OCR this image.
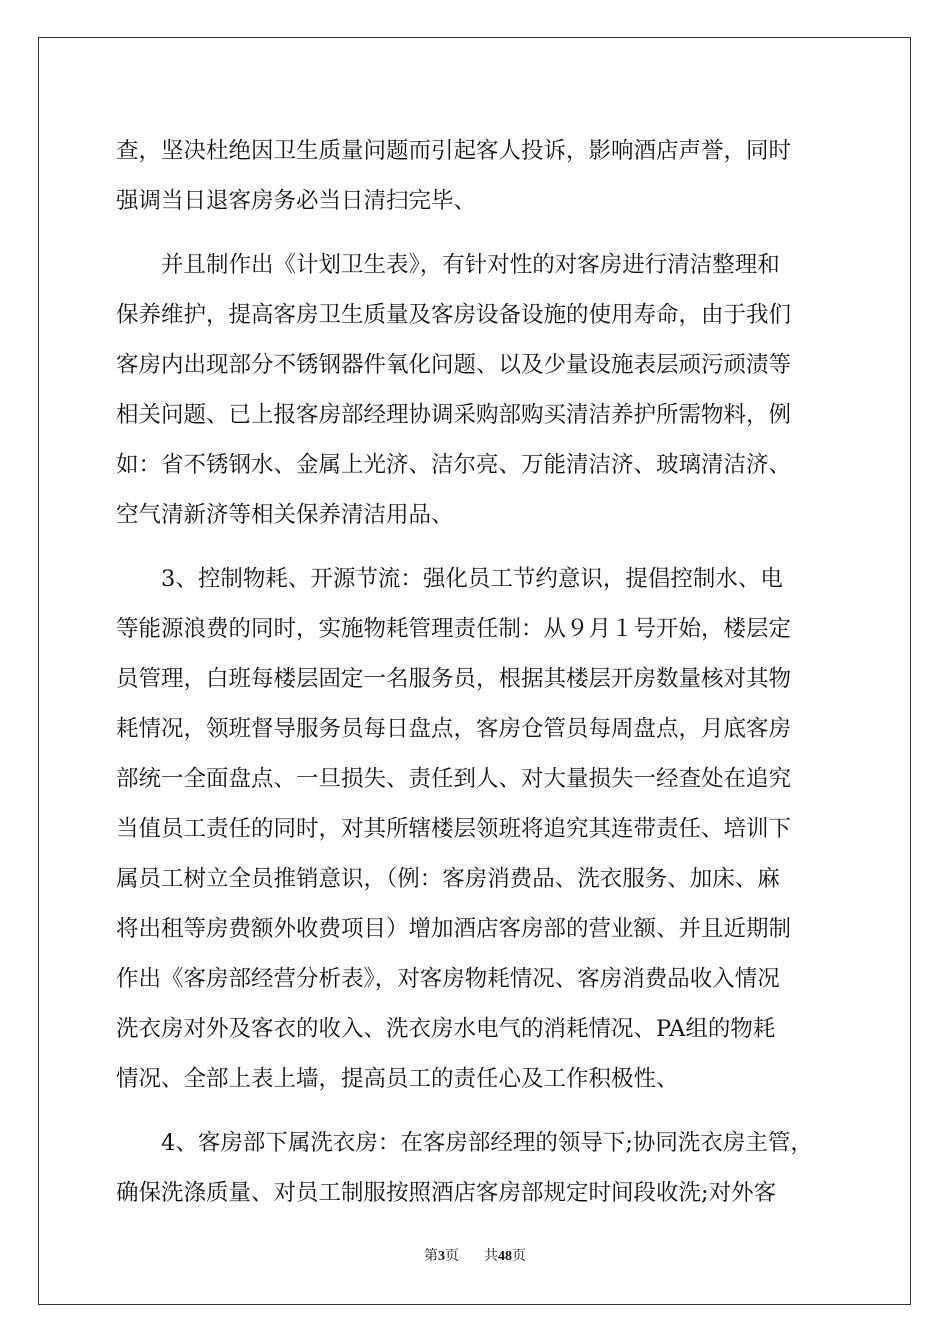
查，坚决杜绝因卫生质量问题而引起客人投诉，影响酒店声誉，同时
强调当日退客房务必当日清扫完毕、
并且制作出《计划卫生表》，有针对性的对客房进行清洁整理和
保养维护，提高客房卫生质量及客房设备设施的使用寿命，由于我们
客房内出现部分不锈钢器件氧化问题、以及少量设施表层顽污顽渍等
相关问题、已上报客房部经理协调采购部购买清洁养护所需物料，例
如：省不锈钢水、金属上光济、洁尔亮、万能清洁济、玻璃清洁济、
空气清新济等相关保养清洁用品、
3、控制物耗、开源节流：强化员工节约意识，提倡控制水、电
等能源浪费的同时，实施物耗管理责任制：从９月１号开始，楼层定
员管理，白班每楼层固定一名服务员，根据其楼层开房数量核对其物
耗情况，领班督导服务员每日盘点，客房仓管员每周盘点，月底客房
部统一全面盘点、一旦损失、责任到人、对大量损失一经查处在追究
当值员工责任的同时，对其所辖楼层领班将追究其连带责任、培训下
属员工树立全员推销意识，（例：客房消费品、洗衣服务、加床、麻
将出租等房费额外收费项目）增加酒店客房部的营业额、并且近期制
作出《客房部经营分析表》，对客房物耗情况、客房消费品收入情况
洗衣房对外及客衣的收入、洗衣房水电气的消耗情况、PA组的物耗
情况、全部上表上墙，提高员工的责任心及工作积极性、
4、客房部下属洗衣房：在客房部经理的领导下;协同洗衣房主管，
确保洗涤质量、对员工制服按照酒店客房部规定时间段收洗;对外客
第3页 共48页
